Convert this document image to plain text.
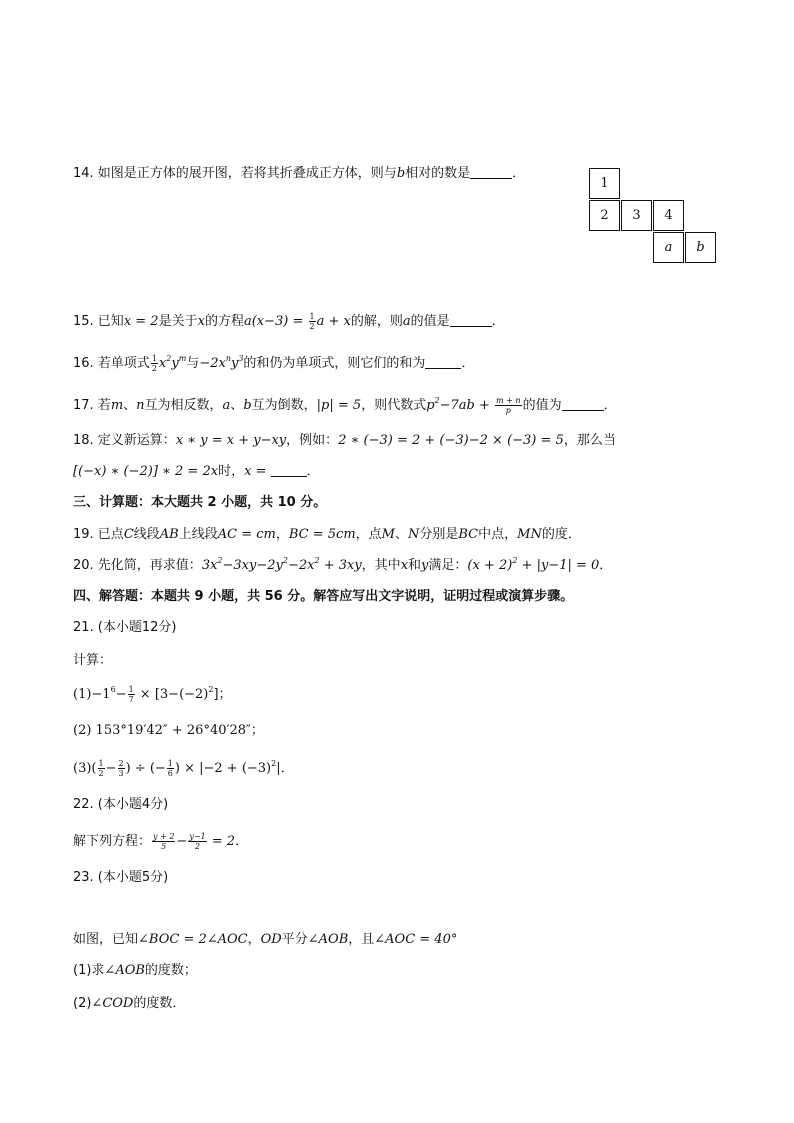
14. 如图是正方体的展开图，若将其折叠成正方体，则与b相对的数是	．
1
2	3	4
a	b
15. 已知x = 2是关于x的方程$a(x-3) = \frac{1}{2}$ a + x的解，则a的值是	．
16. 若单项式 $\frac{1}{2} x^2y^m$与$-2x^ny^3$的和仍为单项式，则它们的和为	．
17. 若m、n互为相反数，a、b互为倒数，|p| = 5，则代数式$p^2-7ab + \frac{m + n}{p}$ 的值为	．
18. 定义新运算：x ∗ y = x + y−xy，例如：2 ∗ (−3) = 2 + (−3)−2 × (−3) = 5，那么当
[(−x) ∗ (−2)] ∗ 2 = 2x时，x =	．
三、计算题：本大题共 2 小题，共 10 分。
19. 已点C线段AB上线段AC = cm，BC = 5cm，点M、N分别是BC中点，MN的度．
20. 先化简，再求值：$3x^2-3xy-2y^2-2x^2 + 3xy$，其中x和y满足：$(x + 2)^2 + |y-1| = 0$．
四、解答题：本题共 9 小题，共 56 分。解答应写出文字说明，证明过程或演算步骤。
21. (本小题12分)
计算：
$(1)-1^6- \frac{1}{7} \times [3-(-2)^2]$；
(2) 153°19′42″ + 26°40′28″；
$(3)( \frac{1}{2} - \frac{2}{3}$ ) ÷ (− $\frac{1}{6}$ ) × $|-2 + (-3)^2|$．
22. (本小题4分)
解下列方程： $\frac{y + 2}{5} - \frac{y-1}{2} = 2$．
23. (本小题5分)
如图，已知∠BOC = 2∠AOC，OD平分∠AOB，且∠AOC = 40°
(1)求∠AOB的度数；
(2)∠COD的度数．
